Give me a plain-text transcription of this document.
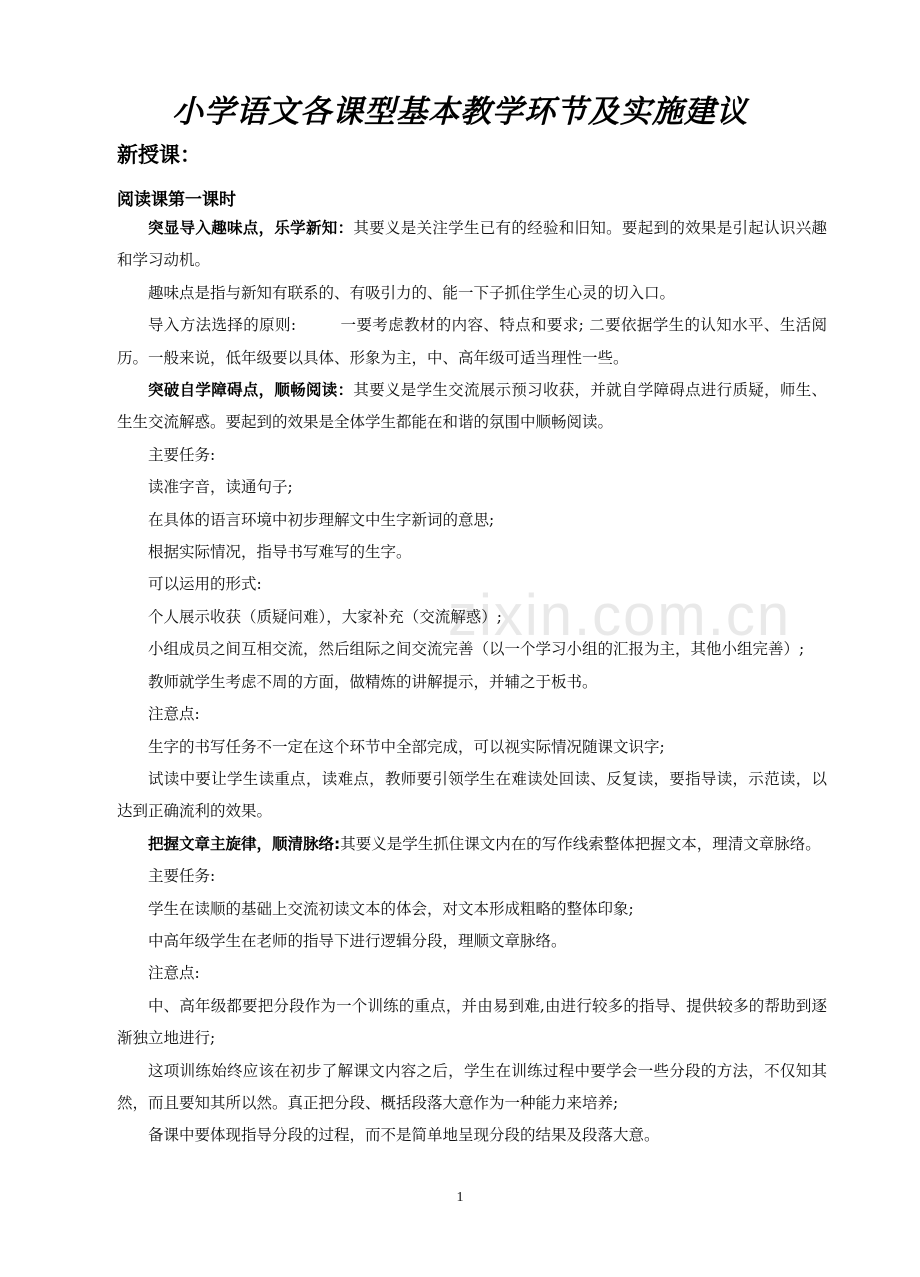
zixin.com.cn
小学语文各课型基本教学环节及实施建议
新授课：
阅读课第一课时

突显导入趣味点，乐学新知：其要义是关注学生已有的经验和旧知。要起到的效果是引起认识兴趣和学习动机。

趣味点是指与新知有联系的、有吸引力的、能一下子抓住学生心灵的切入口。

导入方法选择的原则:	一要考虑教材的内容、特点和要求; 二要依据学生的认知水平、生活阅历。一般来说，低年级要以具体、形象为主，中、高年级可适当理性一些。

突破自学障碍点，顺畅阅读：其要义是学生交流展示预习收获，并就自学障碍点进行质疑，师生、生生交流解惑。要起到的效果是全体学生都能在和谐的氛围中顺畅阅读。

主要任务:

读准字音，读通句子;

在具体的语言环境中初步理解文中生字新词的意思;

根据实际情况，指导书写难写的生字。

可以运用的形式:

个人展示收获（质疑问难），大家补充（交流解惑）;

小组成员之间互相交流，然后组际之间交流完善（以一个学习小组的汇报为主，其他小组完善）;

教师就学生考虑不周的方面，做精炼的讲解提示，并辅之于板书。

注意点:

生字的书写任务不一定在这个环节中全部完成，可以视实际情况随课文识字;

试读中要让学生读重点，读难点，教师要引领学生在难读处回读、反复读，要指导读，示范读，以达到正确流利的效果。

把握文章主旋律，顺清脉络:其要义是学生抓住课文内在的写作线索整体把握文本，理清文章脉络。

主要任务:

学生在读顺的基础上交流初读文本的体会，对文本形成粗略的整体印象;

中高年级学生在老师的指导下进行逻辑分段，理顺文章脉络。

注意点:

中、高年级都要把分段作为一个训练的重点，并由易到难,由进行较多的指导、提供较多的帮助到逐渐独立地进行;

这项训练始终应该在初步了解课文内容之后，学生在训练过程中要学会一些分段的方法，不仅知其然，而且要知其所以然。真正把分段、概括段落大意作为一种能力来培养;

备课中要体现指导分段的过程，而不是简单地呈现分段的结果及段落大意。

1
